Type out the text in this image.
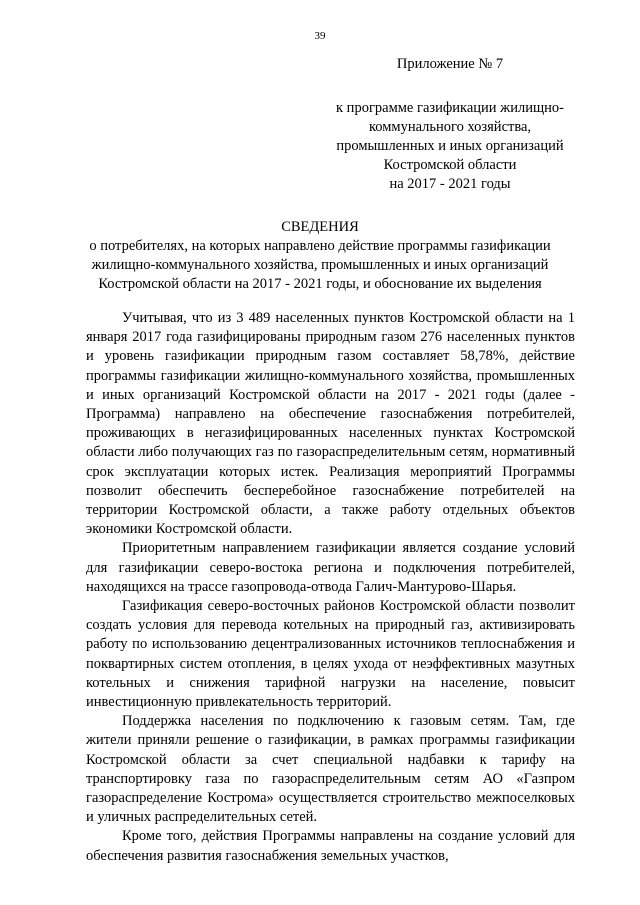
39
Приложение № 7
к программе газификации жилищно-
коммунального хозяйства,
промышленных и иных организаций
Костромской области
на 2017 - 2021 годы
СВЕДЕНИЯ
о потребителях, на которых направлено действие программы газификации
жилищно-коммунального хозяйства, промышленных и иных организаций
Костромской области на 2017 - 2021 годы, и обоснование их выделения

Учитывая, что из 3 489 населенных пунктов Костромской области на 1 января 2017 года газифицированы природным газом 276 населенных пунктов и уровень газификации природным газом составляет 58,78%, действие программы газификации жилищно-коммунального хозяйства, промышленных и иных организаций Костромской области на 2017 - 2021 годы (далее - Программа) направлено на обеспечение газоснабжения потребителей, проживающих в негазифицированных населенных пунктах Костромской области либо получающих газ по газораспределительным сетям, нормативный срок эксплуатации которых истек. Реализация мероприятий Программы позволит обеспечить бесперебойное газоснабжение потребителей на территории Костромской области, а также работу отдельных объектов экономики Костромской области.

Приоритетным направлением газификации является создание условий для газификации северо-востока региона и подключения потребителей, находящихся на трассе газопровода-отвода Галич-Мантурово-Шарья.

Газификация северо-восточных районов Костромской области позволит создать условия для перевода котельных на природный газ, активизировать работу по использованию децентрализованных источников теплоснабжения и поквартирных систем отопления, в целях ухода от неэффективных мазутных котельных и снижения тарифной нагрузки на население, повысит инвестиционную привлекательность территорий.

Поддержка населения по подключению к газовым сетям. Там, где жители приняли решение о газификации, в рамках программы газификации Костромской области за счет специальной надбавки к тарифу на транспортировку газа по газораспределительным сетям АО «Газпром газораспределение Кострома» осуществляется строительство межпоселковых и уличных распределительных сетей.

Кроме того, действия Программы направлены на создание условий для обеспечения развития газоснабжения земельных участков,
